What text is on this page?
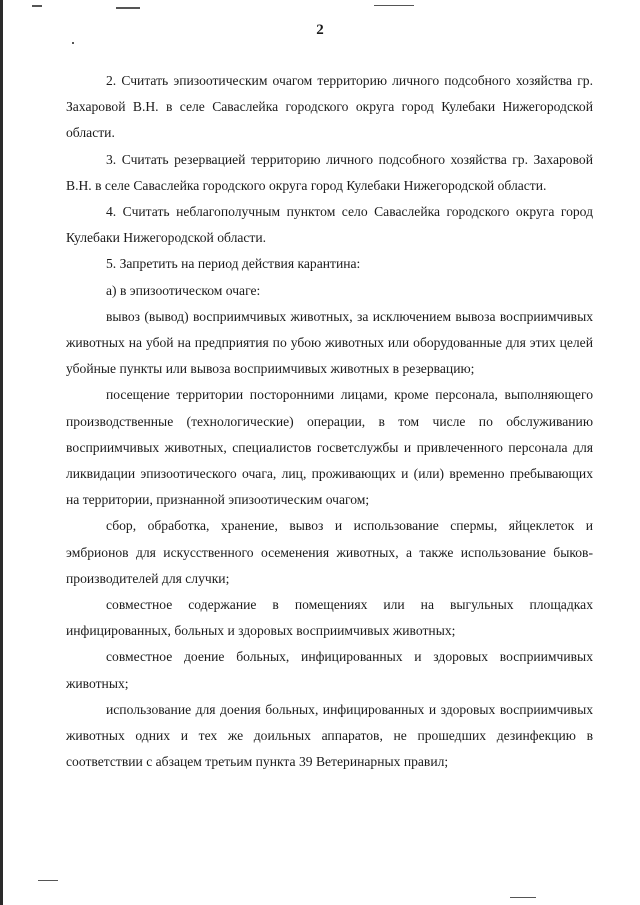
2

2. Считать эпизоотическим очагом территорию личного подсобного хозяйства гр. Захаровой В.Н. в селе Саваслейка городского округа город Кулебаки Нижегородской области.

3. Считать резервацией территорию личного подсобного хозяйства гр. Захаровой В.Н. в селе Саваслейка городского округа город Кулебаки Нижегородской области.

4. Считать неблагополучным пунктом село Саваслейка городского округа город Кулебаки Нижегородской области.

5. Запретить на период действия карантина:

а) в эпизоотическом очаге:

вывоз (вывод) восприимчивых животных, за исключением вывоза восприимчивых животных на убой на предприятия по убою животных или оборудованные для этих целей убойные пункты или вывоза восприимчивых животных в резервацию;

посещение территории посторонними лицами, кроме персонала, выполняющего производственные (технологические) операции, в том числе по обслуживанию восприимчивых животных, специалистов госветслужбы и привлеченного персонала для ликвидации эпизоотического очага, лиц, проживающих и (или) временно пребывающих на территории, признанной эпизоотическим очагом;

сбор, обработка, хранение, вывоз и использование спермы, яйцеклеток и эмбрионов для искусственного осеменения животных, а также использование быков-производителей для случки;

совместное содержание в помещениях или на выгульных площадках инфицированных, больных и здоровых восприимчивых животных;

совместное доение больных, инфицированных и здоровых восприимчивых животных;

использование для доения больных, инфицированных и здоровых восприимчивых животных одних и тех же доильных аппаратов, не прошедших дезинфекцию в соответствии с абзацем третьим пункта 39 Ветеринарных правил;
